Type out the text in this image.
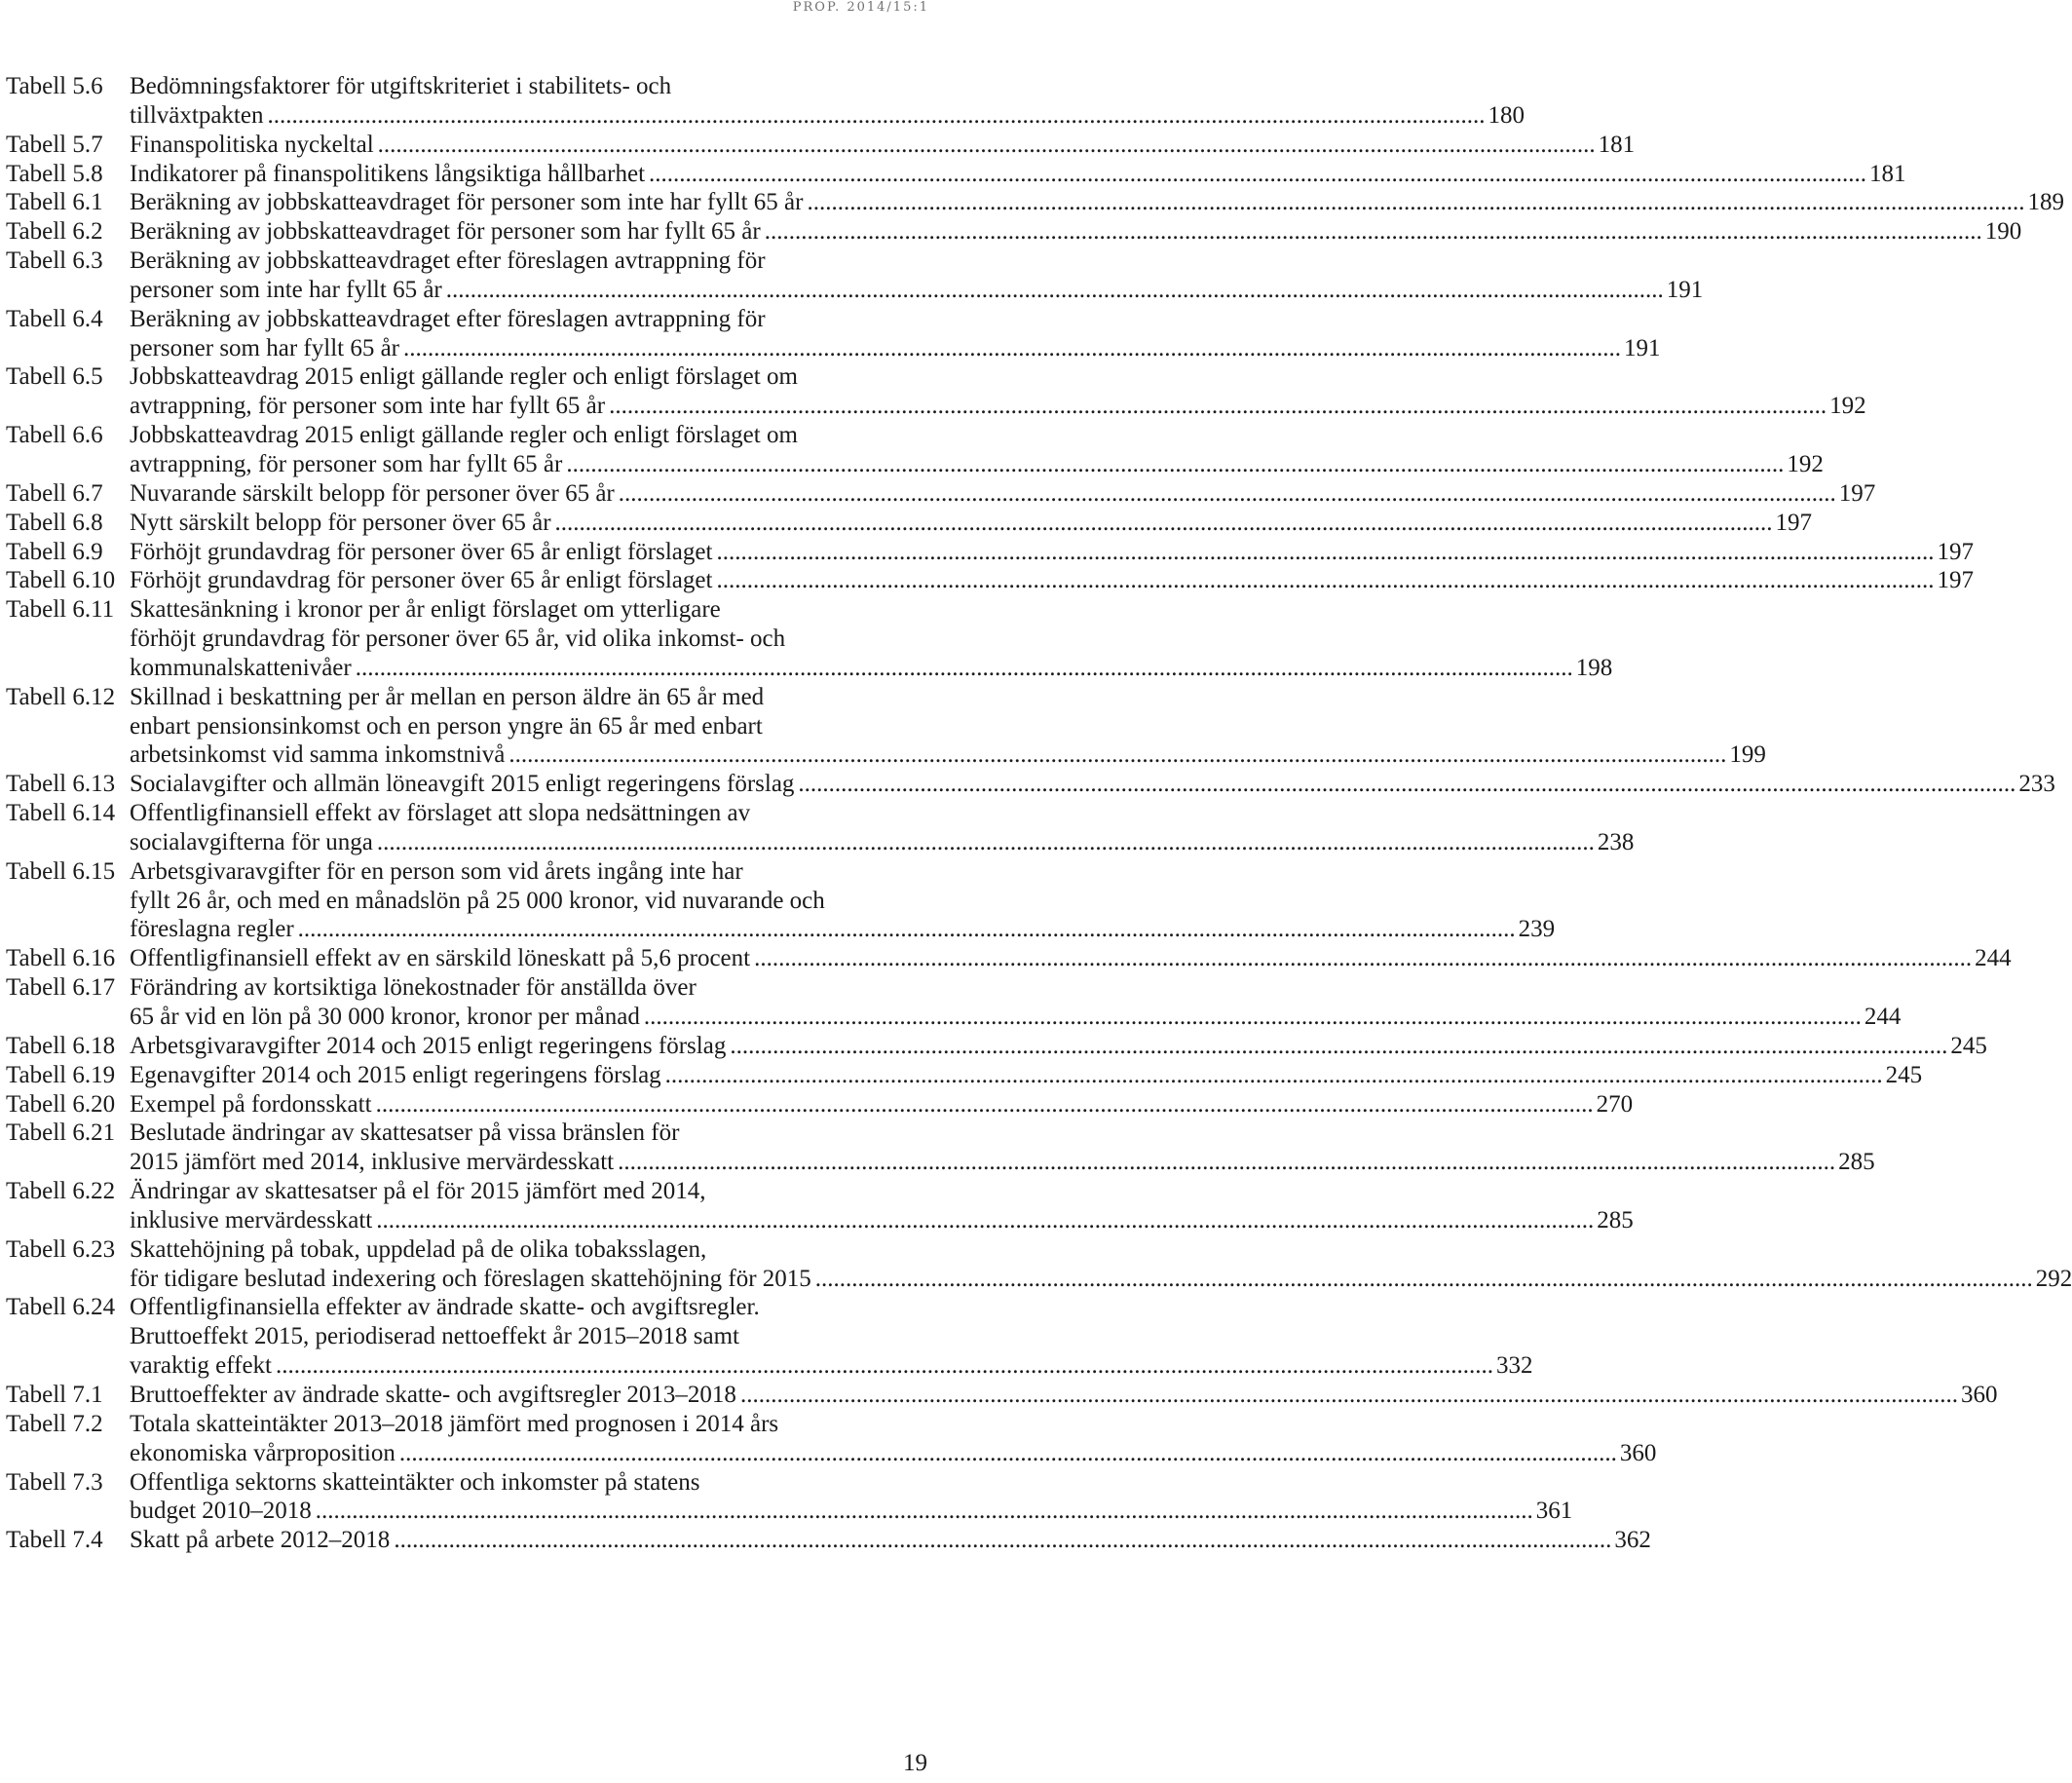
PROP. 2014/15:1
Tabell 5.6	Bedömningsfaktorer för utgiftskriteriet i stabilitets- och
tillväxtpakten .....	180
Tabell 5.7	Finanspolitiska nyckeltal .....	181
Tabell 5.8	Indikatorer på finanspolitikens långsiktiga hållbarhet .....	181
Tabell 6.1	Beräkning av jobbskatteavdraget för personer som inte har fyllt 65 år .....	189
Tabell 6.2	Beräkning av jobbskatteavdraget för personer som har fyllt 65 år .....	190
Tabell 6.3	Beräkning av jobbskatteavdraget efter föreslagen avtrappning för
personer som inte har fyllt 65 år .....	191
Tabell 6.4	Beräkning av jobbskatteavdraget efter föreslagen avtrappning för
personer som har fyllt 65 år .....	191
Tabell 6.5	Jobbskatteavdrag 2015 enligt gällande regler och enligt förslaget om
avtrappning, för personer som inte har fyllt 65 år .....	192
Tabell 6.6	Jobbskatteavdrag 2015 enligt gällande regler och enligt förslaget om
avtrappning, för personer som har fyllt 65 år .....	192
Tabell 6.7	Nuvarande särskilt belopp för personer över 65 år .....	197
Tabell 6.8	Nytt särskilt belopp för personer över 65 år .....	197
Tabell 6.9	Förhöjt grundavdrag för personer över 65 år enligt förslaget .....	197
Tabell 6.10 Förhöjt grundavdrag för personer över 65 år enligt förslaget .....	197
Tabell 6.11 Skattesänkning i kronor per år enligt förslaget om ytterligare
förhöjt grundavdrag för personer över 65 år, vid olika inkomst- och
kommunalskattenivåer .....	198
Tabell 6.12 Skillnad i beskattning per år mellan en person äldre än 65 år med
enbart pensionsinkomst och en person yngre än 65 år med enbart
arbetsinkomst vid samma inkomstnivå .....	199
Tabell 6.13 Socialavgifter och allmän löneavgift 2015 enligt regeringens förslag .....	233
Tabell 6.14 Offentligfinansiell effekt av förslaget att slopa nedsättningen av
socialavgifterna för unga .....	238
Tabell 6.15 Arbetsgivaravgifter för en person som vid årets ingång inte har
fyllt 26 år, och med en månadslön på 25 000 kronor, vid nuvarande och
föreslagna regler .....	239
Tabell 6.16 Offentligfinansiell effekt av en särskild löneskatt på 5,6 procent .....	244
Tabell 6.17 Förändring av kortsiktiga lönekostnader för anställda över
65 år vid en lön på 30 000 kronor, kronor per månad .....	244
Tabell 6.18 Arbetsgivaravgifter 2014 och 2015 enligt regeringens förslag .....	245
Tabell 6.19 Egenavgifter 2014 och 2015 enligt regeringens förslag .....	245
Tabell 6.20 Exempel på fordonsskatt .....	270
Tabell 6.21 Beslutade ändringar av skattesatser på vissa bränslen för
2015 jämfört med 2014, inklusive mervärdesskatt .....	285
Tabell 6.22 Ändringar av skattesatser på el för 2015 jämfört med 2014,
inklusive mervärdesskatt .....	285
Tabell 6.23 Skattehöjning på tobak, uppdelad på de olika tobaksslagen,
för tidigare beslutad indexering och föreslagen skattehöjning för 2015 .....	292
Tabell 6.24 Offentligfinansiella effekter av ändrade skatte- och avgiftsregler.
Bruttoeffekt 2015, periodiserad nettoeffekt år 2015–2018 samt
varaktig effekt .....	332
Tabell 7.1	Bruttoeffekter av ändrade skatte- och avgiftsregler 2013–2018 .....	360
Tabell 7.2	Totala skatteintäkter 2013–2018 jämfört med prognosen i 2014 års
ekonomiska vårproposition .....	360
Tabell 7.3	Offentliga sektorns skatteintäkter och inkomster på statens
budget 2010–2018 .....	361
Tabell 7.4	Skatt på arbete 2012–2018 .....	362
19
